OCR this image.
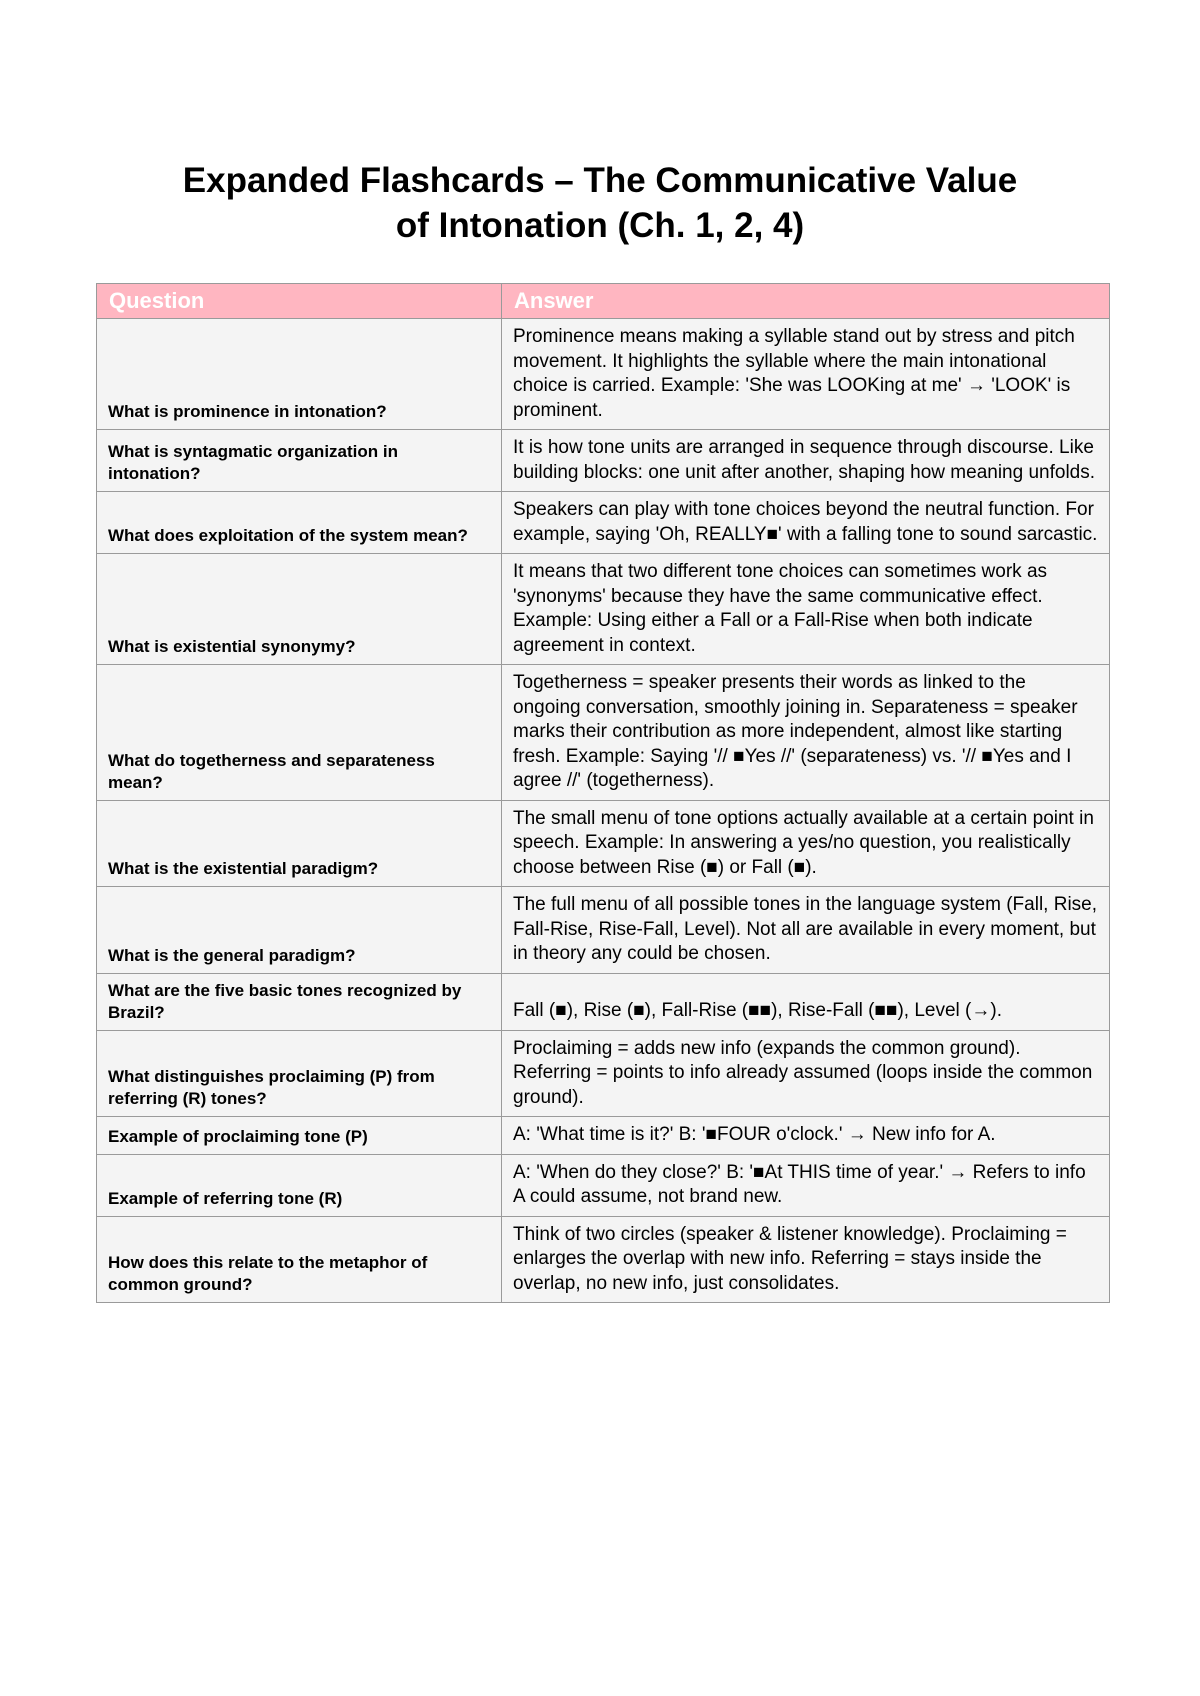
Expanded Flashcards – The Communicative Value
of Intonation (Ch. 1, 2, 4)
Question	Answer
What is prominence in intonation?	Prominence means making a syllable stand out by stress and pitch movement. It highlights the syllable where the main intonational choice is carried. Example: 'She was LOOKing at me' → 'LOOK' is prominent.
What is syntagmatic organization in intonation?	It is how tone units are arranged in sequence through discourse. Like building blocks: one unit after another, shaping how meaning unfolds.
What does exploitation of the system mean?	Speakers can play with tone choices beyond the neutral function. For example, saying 'Oh, REALLY■' with a falling tone to sound sarcastic.
What is existential synonymy?	It means that two different tone choices can sometimes work as 'synonyms' because they have the same communicative effect. Example: Using either a Fall or a Fall-Rise when both indicate agreement in context.
What do togetherness and separateness mean?	Togetherness = speaker presents their words as linked to the ongoing conversation, smoothly joining in. Separateness = speaker marks their contribution as more independent, almost like starting fresh. Example: Saying '// ■Yes //' (separateness) vs. '// ■Yes and I agree //' (togetherness).
What is the existential paradigm?	The small menu of tone options actually available at a certain point in speech. Example: In answering a yes/no question, you realistically choose between Rise (■) or Fall (■).
What is the general paradigm?	The full menu of all possible tones in the language system (Fall, Rise, Fall-Rise, Rise-Fall, Level). Not all are available in every moment, but in theory any could be chosen.
What are the five basic tones recognized by Brazil?	Fall (■), Rise (■), Fall-Rise (■■), Rise-Fall (■■), Level (→).
What distinguishes proclaiming (P) from referring (R) tones?	Proclaiming = adds new info (expands the common ground). Referring = points to info already assumed (loops inside the common ground).
Example of proclaiming tone (P)	A: 'What time is it?' B: '■FOUR o'clock.' → New info for A.
Example of referring tone (R)	A: 'When do they close?' B: '■At THIS time of year.' → Refers to info A could assume, not brand new.
How does this relate to the metaphor of common ground?	Think of two circles (speaker & listener knowledge). Proclaiming = enlarges the overlap with new info. Referring = stays inside the overlap, no new info, just consolidates.
